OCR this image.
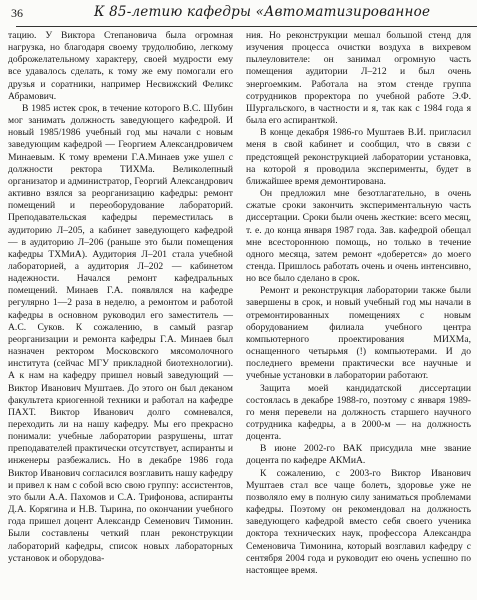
36	К 85-летию кафедры «Автоматизированное

тацию. У Виктора Степановича была огромная нагрузка, но благодаря своему трудолюбию, легкому доброжелательному характеру, своей мудрости ему все удавалось сделать, к тому же ему помогали его друзья и соратники, например Несвижский Феликс Абрамович.

В 1985 истек срок, в течение которого В.С. Шубин мог занимать должность заведующего кафедрой. И новый 1985/1986 учебный год мы начали с новым заведующим кафедрой — Георгием Александровичем Минаевым. К тому времени Г.А.Минаев уже ушел с должности ректора ТИХМа. Великолепный организатор и администратор, Георгий Александрович активно взялся за реорганизацию кафедры: ремонт помещений и переоборудование лабораторий. Преподавательская кафедры переместилась в аудиторию Л–205, а кабинет заведующего кафедрой — в аудиторию Л–206 (раньше это были помещения кафедры ТХМиА). Аудитория Л–201 стала учебной лабораторией, а аудитория Л–202 — кабинетом надежности. Начался ремонт кафедральных помещений. Минаев Г.А. появлялся на кафедре регулярно 1—2 раза в неделю, а ремонтом и работой кафедры в основном руководил его заместитель — А.С. Суков. К сожалению, в самый разгар реорганизации и ремонта кафедры Г.А. Минаев был назначен ректором Московского мясомолочного института (сейчас МГУ прикладной биотехнологии). А к нам на кафедру пришел новый заведующий — Виктор Иванович Муштаев. До этого он был деканом факультета криогенной техники и работал на кафедре ПАХТ. Виктор Иванович долго сомневался, переходить ли на нашу кафедру. Мы его прекрасно понимали: учебные лаборатории разрушены, штат преподавателей практически отсутствует, аспиранты и инженеры разбежались. Но в декабре 1986 года Виктор Иванович согласился возглавить нашу кафедру и привел к нам с собой всю свою группу: ассистентов, это были А.А. Пахомов и С.А. Трифонова, аспиранты Д.А. Корягина и Н.В. Тырина, по окончании учебного года пришел доцент Александр Семенович Тимонин. Были составлены четкий план реконструкции лабораторий кафедры, список новых лабораторных установок и оборудова-

ния. Но реконструкции мешал большой стенд для изучения процесса очистки воздуха в вихревом пылеуловителе: он занимал огромную часть помещения аудитории Л–212 и был очень энергоемким. Работала на этом стенде группа сотрудников проректора по учебной работе Э.Ф. Шургальского, в частности и я, так как с 1984 года я была его аспиранткой.

В конце декабря 1986-го Муштаев В.И. пригласил меня в свой кабинет и сообщил, что в связи с предстоящей реконструкцией лаборатории установка, на которой я проводила эксперименты, будет в ближайшее время демонтирована.

Он предложил мне безотлагательно, в очень сжатые сроки закончить экспериментальную часть диссертации. Сроки были очень жесткие: всего месяц, т. е. до конца января 1987 года. Зав. кафедрой обещал мне всестороннюю помощь, но только в течение одного месяца, затем ремонт «доберется» до моего стенда. Пришлось работать очень и очень интенсивно, но все было сделано в срок.

Ремонт и реконструкция лаборатории также были завершены в срок, и новый учебный год мы начали в отремонтированных помещениях с новым оборудованием филиала учебного центра компьютерного проектирования МИХМа, оснащенного четырьмя (!) компьютерами. И до последнего времени практически все научные и учебные установки в лаборатории работают.

Защита моей кандидатской диссертации состоялась в декабре 1988-го, поэтому с января 1989-го меня перевели на должность старшего научного сотрудника кафедры, а в 2000-м — на должность доцента.

В июне 2002-го ВАК присудила мне звание доцента по кафедре АКМиА.

К сожалению, с 2003-го Виктор Иванович Муштаев стал все чаще болеть, здоровье уже не позволяло ему в полную силу заниматься проблемами кафедры. Поэтому он рекомендовал на должность заведующего кафедрой вместо себя своего ученика доктора технических наук, профессора Александра Семеновича Тимонина, который возглавил кафедру с сентября 2004 года и руководит ею очень успешно по настоящее время.
